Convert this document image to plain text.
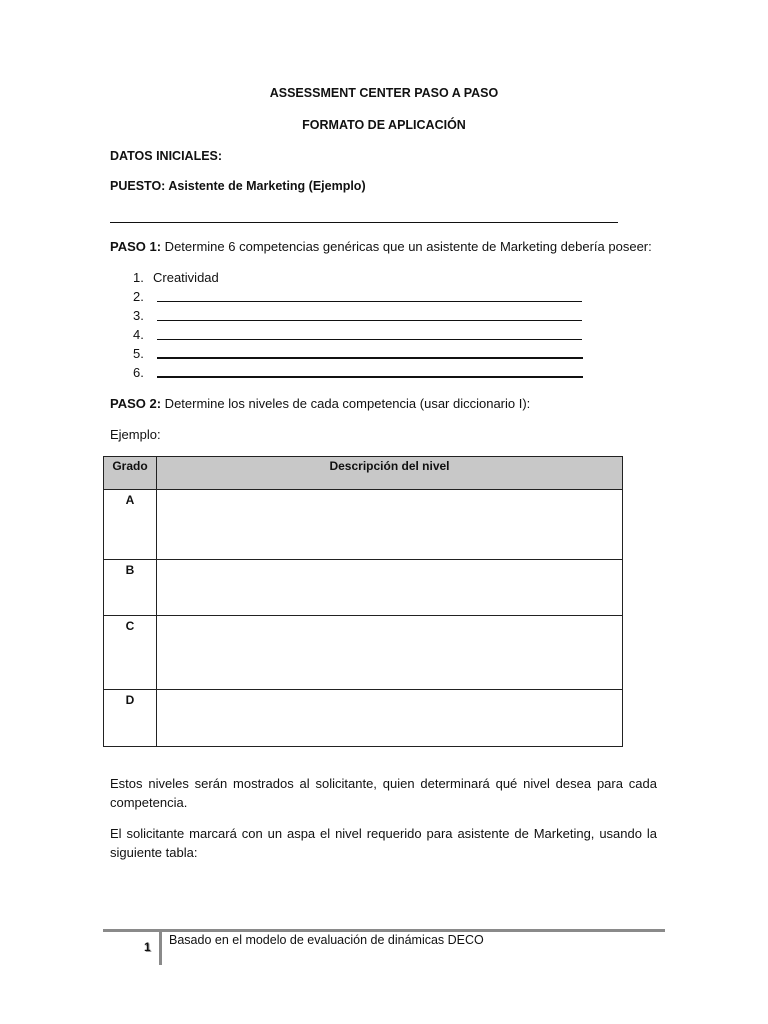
ASSESSMENT CENTER PASO A PASO
FORMATO DE APLICACIÓN
DATOS INICIALES:
PUESTO: Asistente de Marketing (Ejemplo)
PASO 1: Determine 6 competencias genéricas que un asistente de Marketing debería poseer:
1. Creatividad
2.
3.
4.
5.
6.
PASO 2: Determine los niveles de cada competencia (usar diccionario I):
Ejemplo:
Grado	Descripción del nivel
A	
B	
C	
D	
Estos niveles serán mostrados al solicitante, quien determinará qué nivel desea para cada competencia.
El solicitante marcará con un aspa el nivel requerido para asistente de Marketing, usando la siguiente tabla:
1 Basado en el modelo de evaluación de dinámicas DECO
